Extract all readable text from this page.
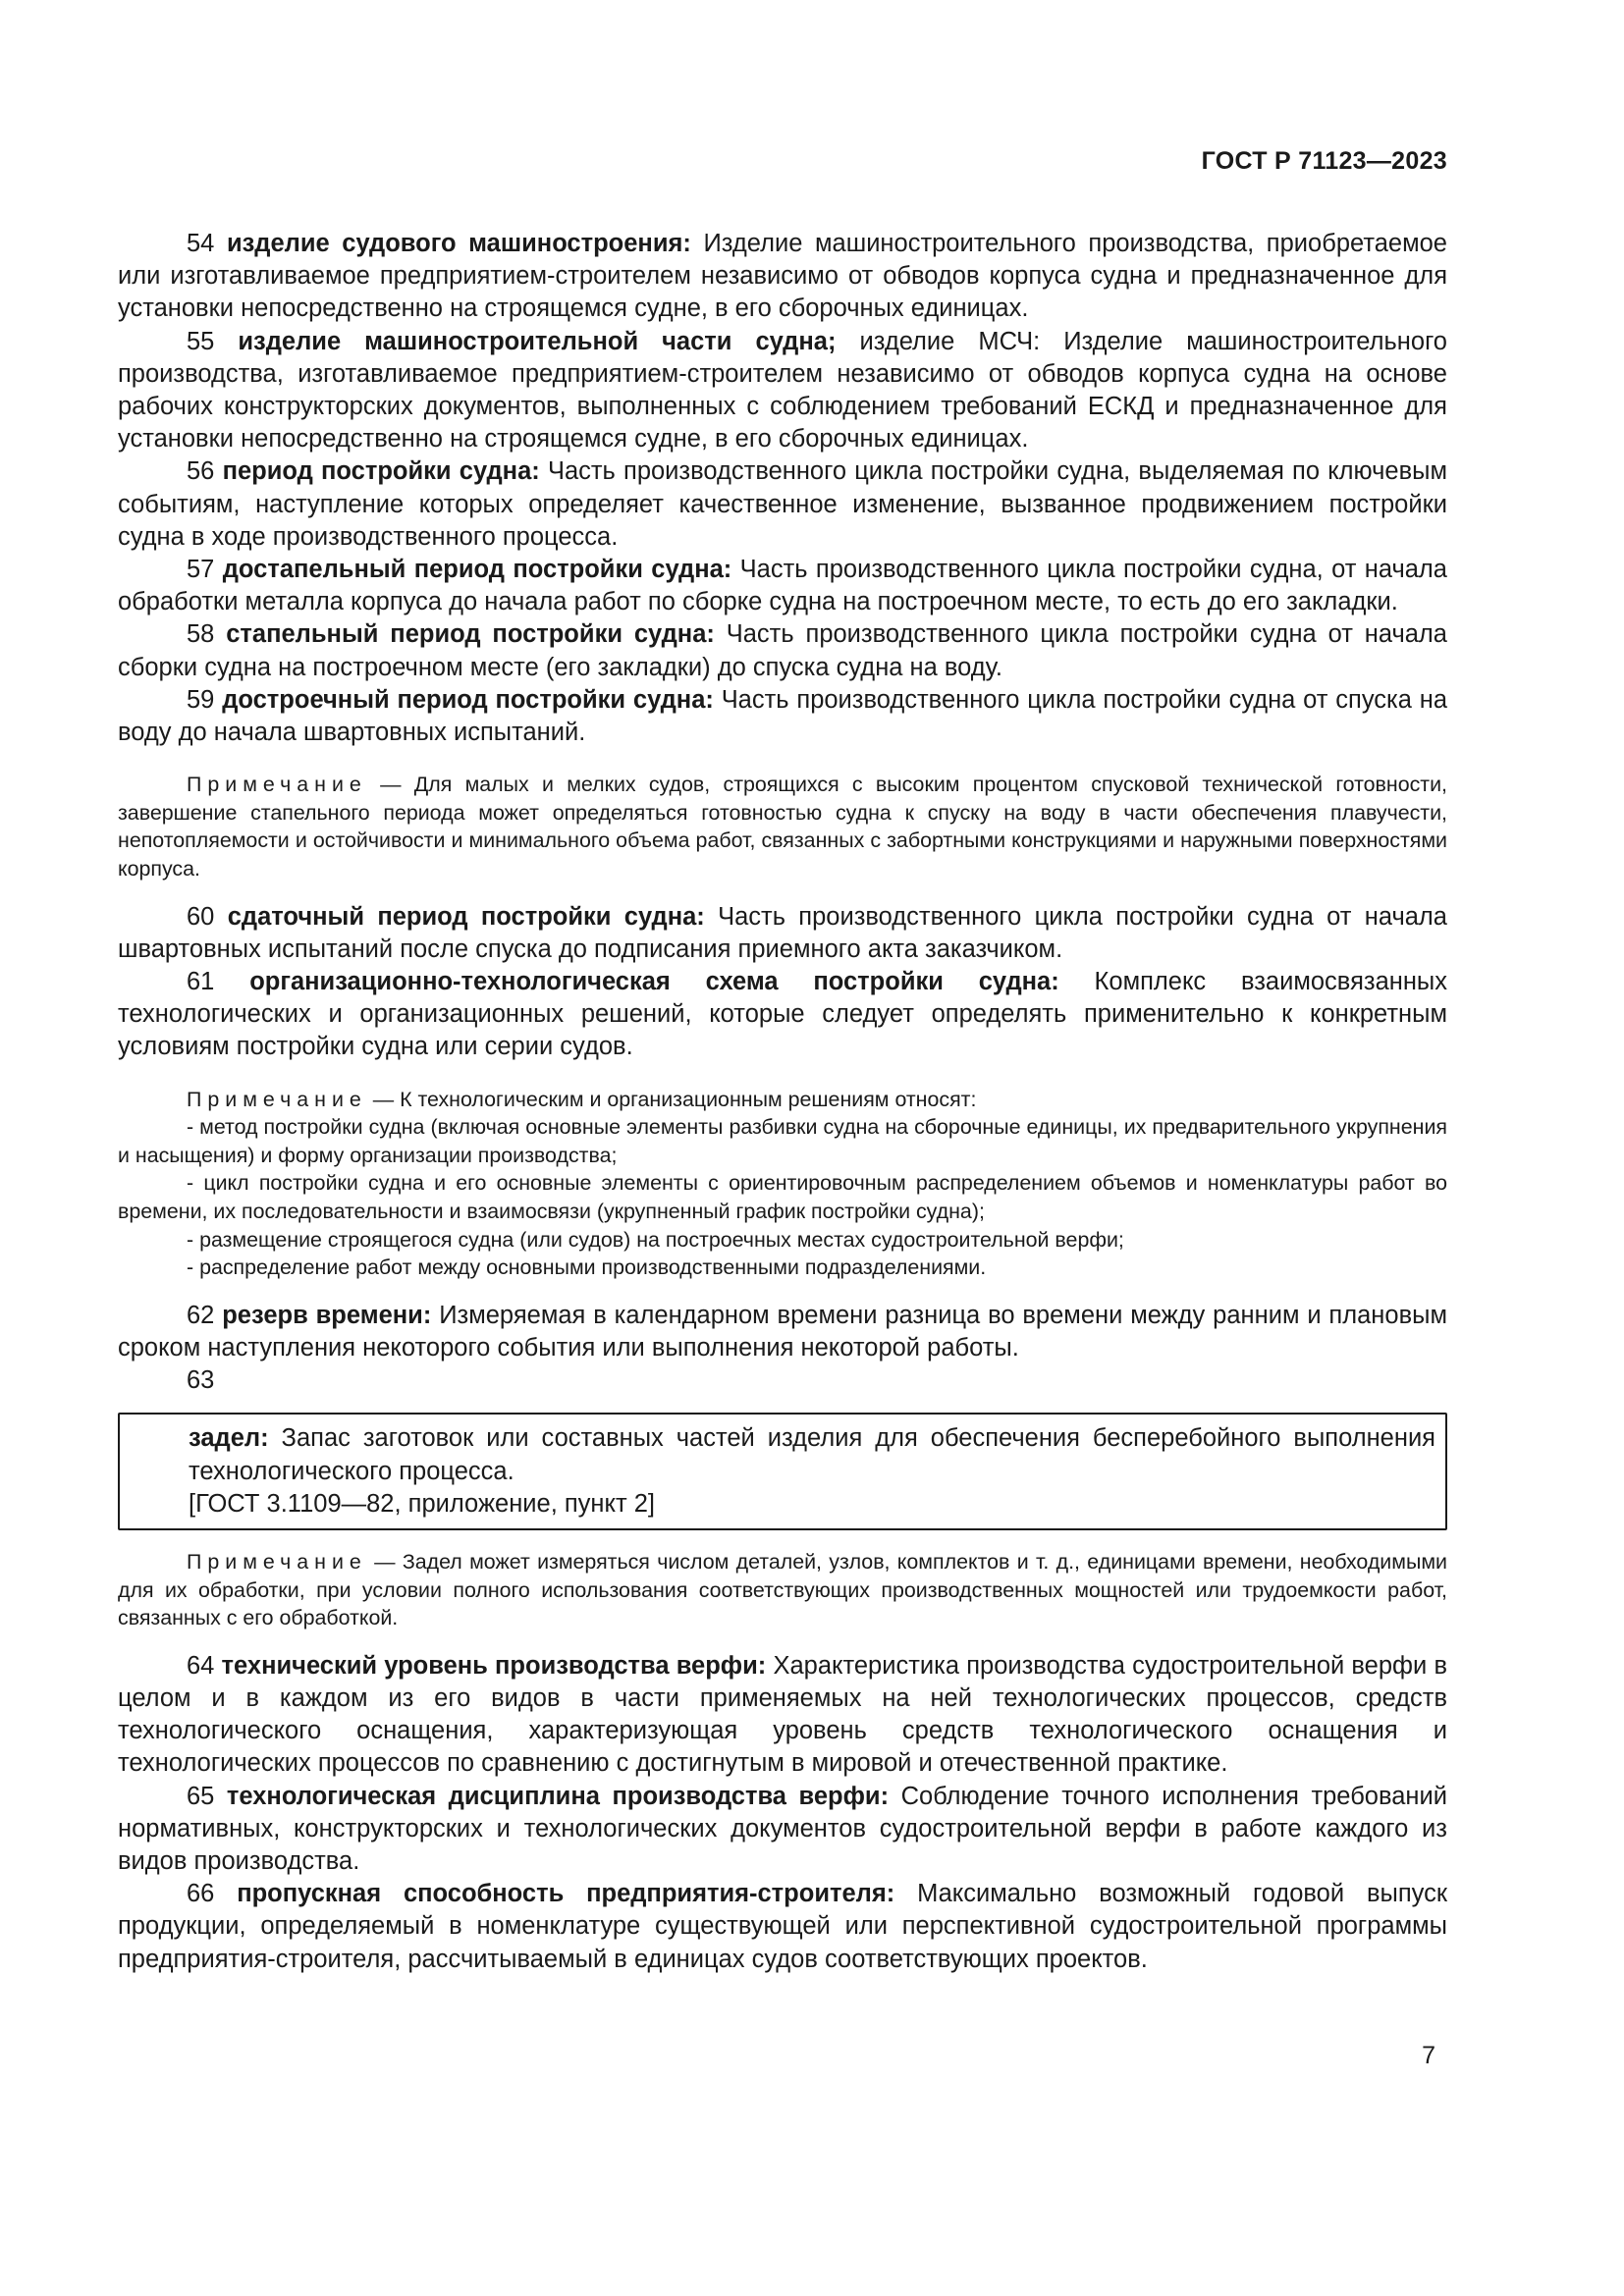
ГОСТ Р 71123—2023

54 изделие судового машиностроения: Изделие машиностроительного производства, приобретаемое или изготавливаемое предприятием-строителем независимо от обводов корпуса судна и предназначенное для установки непосредственно на строящемся судне, в его сборочных единицах.

55 изделие машиностроительной части судна; изделие МСЧ: Изделие машиностроительного производства, изготавливаемое предприятием-строителем независимо от обводов корпуса судна на основе рабочих конструкторских документов, выполненных с соблюдением требований ЕСКД и предназначенное для установки непосредственно на строящемся судне, в его сборочных единицах.

56 период постройки судна: Часть производственного цикла постройки судна, выделяемая по ключевым событиям, наступление которых определяет качественное изменение, вызванное продвижением постройки судна в ходе производственного процесса.

57 достапельный период постройки судна: Часть производственного цикла постройки судна, от начала обработки металла корпуса до начала работ по сборке судна на построечном месте, то есть до его закладки.

58 стапельный период постройки судна: Часть производственного цикла постройки судна от начала сборки судна на построечном месте (его закладки) до спуска судна на воду.

59 достроечный период постройки судна: Часть производственного цикла постройки судна от спуска на воду до начала швартовных испытаний.

Примечание — Для малых и мелких судов, строящихся с высоким процентом спусковой технической готовности, завершение стапельного периода может определяться готовностью судна к спуску на воду в части обеспечения плавучести, непотопляемости и остойчивости и минимального объема работ, связанных с забортными конструкциями и наружными поверхностями корпуса.

60 сдаточный период постройки судна: Часть производственного цикла постройки судна от начала швартовных испытаний после спуска до подписания приемного акта заказчиком.

61 организационно-технологическая схема постройки судна: Комплекс взаимосвязанных технологических и организационных решений, которые следует определять применительно к конкретным условиям постройки судна или серии судов.

Примечание — К технологическим и организационным решениям относят:

- метод постройки судна (включая основные элементы разбивки судна на сборочные единицы, их предварительного укрупнения и насыщения) и форму организации производства;

- цикл постройки судна и его основные элементы с ориентировочным распределением объемов и номенклатуры работ во времени, их последовательности и взаимосвязи (укрупненный график постройки судна);

- размещение строящегося судна (или судов) на построечных местах судостроительной верфи;

- распределение работ между основными производственными подразделениями.

62 резерв времени: Измеряемая в календарном времени разница во времени между ранним и плановым сроком наступления некоторого события или выполнения некоторой работы.

63

задел: Запас заготовок или составных частей изделия для обеспечения бесперебойного выполнения технологического процесса.

[ГОСТ 3.1109—82, приложение, пункт 2]

Примечание — Задел может измеряться числом деталей, узлов, комплектов и т. д., единицами времени, необходимыми для их обработки, при условии полного использования соответствующих производственных мощностей или трудоемкости работ, связанных с его обработкой.

64 технический уровень производства верфи: Характеристика производства судостроительной верфи в целом и в каждом из его видов в части применяемых на ней технологических процессов, средств технологического оснащения, характеризующая уровень средств технологического оснащения и технологических процессов по сравнению с достигнутым в мировой и отечественной практике.

65 технологическая дисциплина производства верфи: Соблюдение точного исполнения требований нормативных, конструкторских и технологических документов судостроительной верфи в работе каждого из видов производства.

66 пропускная способность предприятия-строителя: Максимально возможный годовой выпуск продукции, определяемый в номенклатуре существующей или перспективной судостроительной программы предприятия-строителя, рассчитываемый в единицах судов соответствующих проектов.

7
